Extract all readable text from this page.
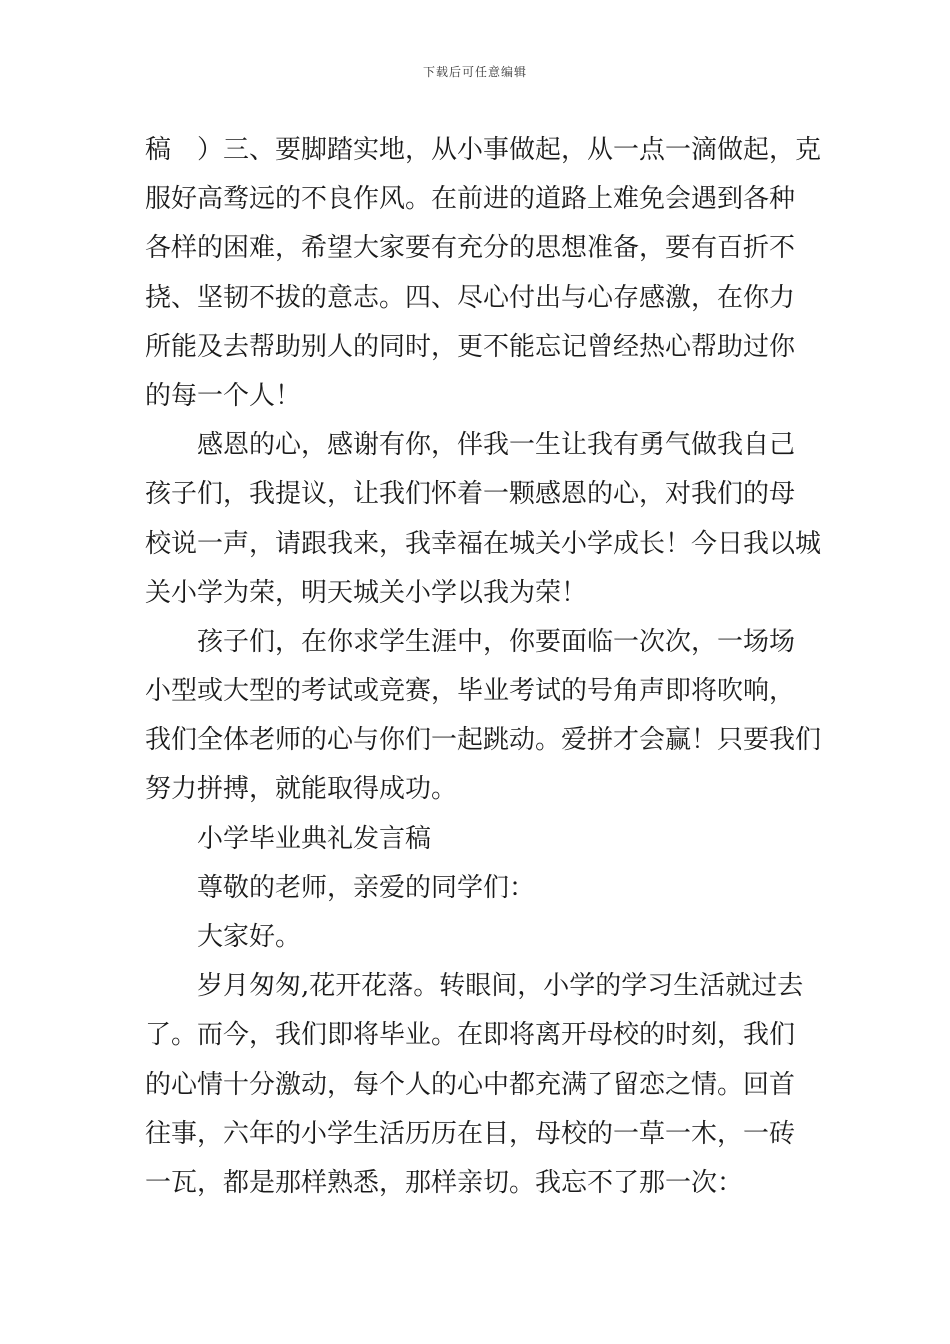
下载后可任意编辑
稿　）三、要脚踏实地，从小事做起，从一点一滴做起，克
服好高骛远的不良作风。在前进的道路上难免会遇到各种
各样的困难，希望大家要有充分的思想准备，要有百折不
挠、坚韧不拔的意志。四、尽心付出与心存感激，在你力
所能及去帮助别人的同时，更不能忘记曾经热心帮助过你
的每一个人！
感恩的心，感谢有你，伴我一生让我有勇气做我自己
孩子们，我提议，让我们怀着一颗感恩的心，对我们的母
校说一声，请跟我来，我幸福在城关小学成长！今日我以城
关小学为荣，明天城关小学以我为荣！
孩子们，在你求学生涯中，你要面临一次次，一场场
小型或大型的考试或竞赛，毕业考试的号角声即将吹响，
我们全体老师的心与你们一起跳动。爱拼才会赢！只要我们
努力拼搏，就能取得成功。
小学毕业典礼发言稿
尊敬的老师，亲爱的同学们：
大家好。
岁月匆匆,花开花落。转眼间，小学的学习生活就过去
了。而今，我们即将毕业。在即将离开母校的时刻，我们
的心情十分激动，每个人的心中都充满了留恋之情。回首
往事，六年的小学生活历历在目，母校的一草一木，一砖
一瓦，都是那样熟悉，那样亲切。我忘不了那一次：
